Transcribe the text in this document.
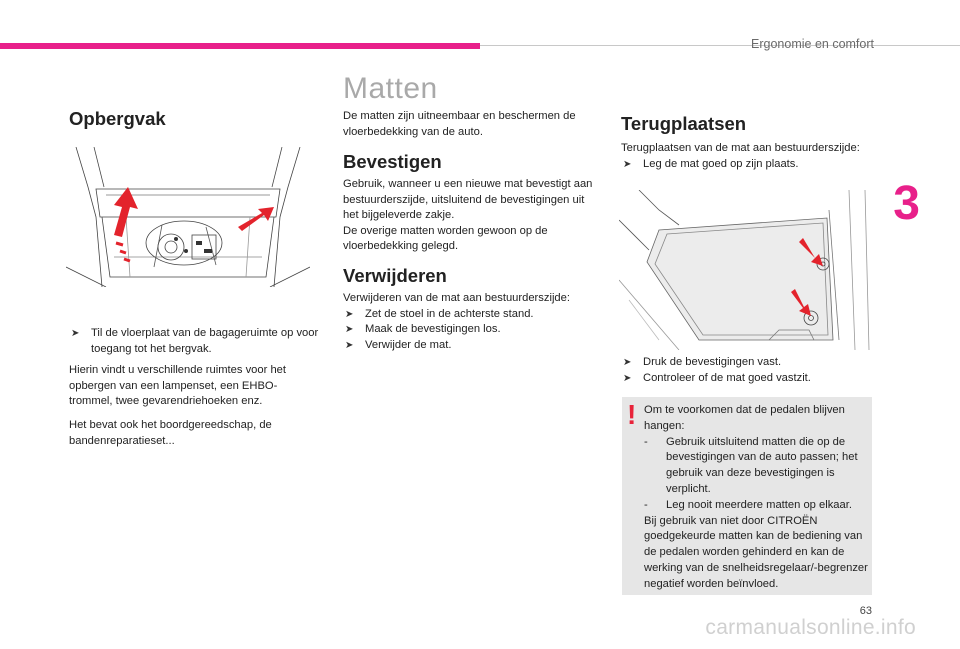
Ergonomie en comfort
3
Opbergvak
➤ Til de vloerplaat van de bagageruimte op voor toegang tot het bergvak.
Hierin vindt u verschillende ruimtes voor het opbergen van een lampenset, een EHBO-trommel, twee gevarendriehoeken enz.
Het bevat ook het boordgereedschap, de bandenreparatieset...
Matten
De matten zijn uitneembaar en beschermen de vloerbedekking van de auto.
Bevestigen

Gebruik, wanneer u een nieuwe mat bevestigt aan bestuurderszijde, uitsluitend de bevestigingen uit het bijgeleverde zakje.

De overige matten worden gewoon op de vloerbedekking gelegd.

Verwijderen

Verwijderen van de mat aan bestuurderszijde:

➤ Zet de stoel in de achterste stand.
➤ Maak de bevestigingen los.
➤ Verwijder de mat.
Terugplaatsen

Terugplaatsen van de mat aan bestuurderszijde:

➤ Leg de mat goed op zijn plaats.
➤ Druk de bevestigingen vast.
➤ Controleer of de mat goed vastzit.
! Om te voorkomen dat de pedalen blijven hangen:

- Gebruik uitsluitend matten die op de bevestigingen van de auto passen; het gebruik van deze bevestigingen is verplicht.
- Leg nooit meerdere matten op elkaar.

Bij gebruik van niet door CITROËN goedgekeurde matten kan de bediening van de pedalen worden gehinderd en kan de werking van de snelheidsregelaar/-begrenzer negatief worden beïnvloed.

63
carmanualsonline.info
